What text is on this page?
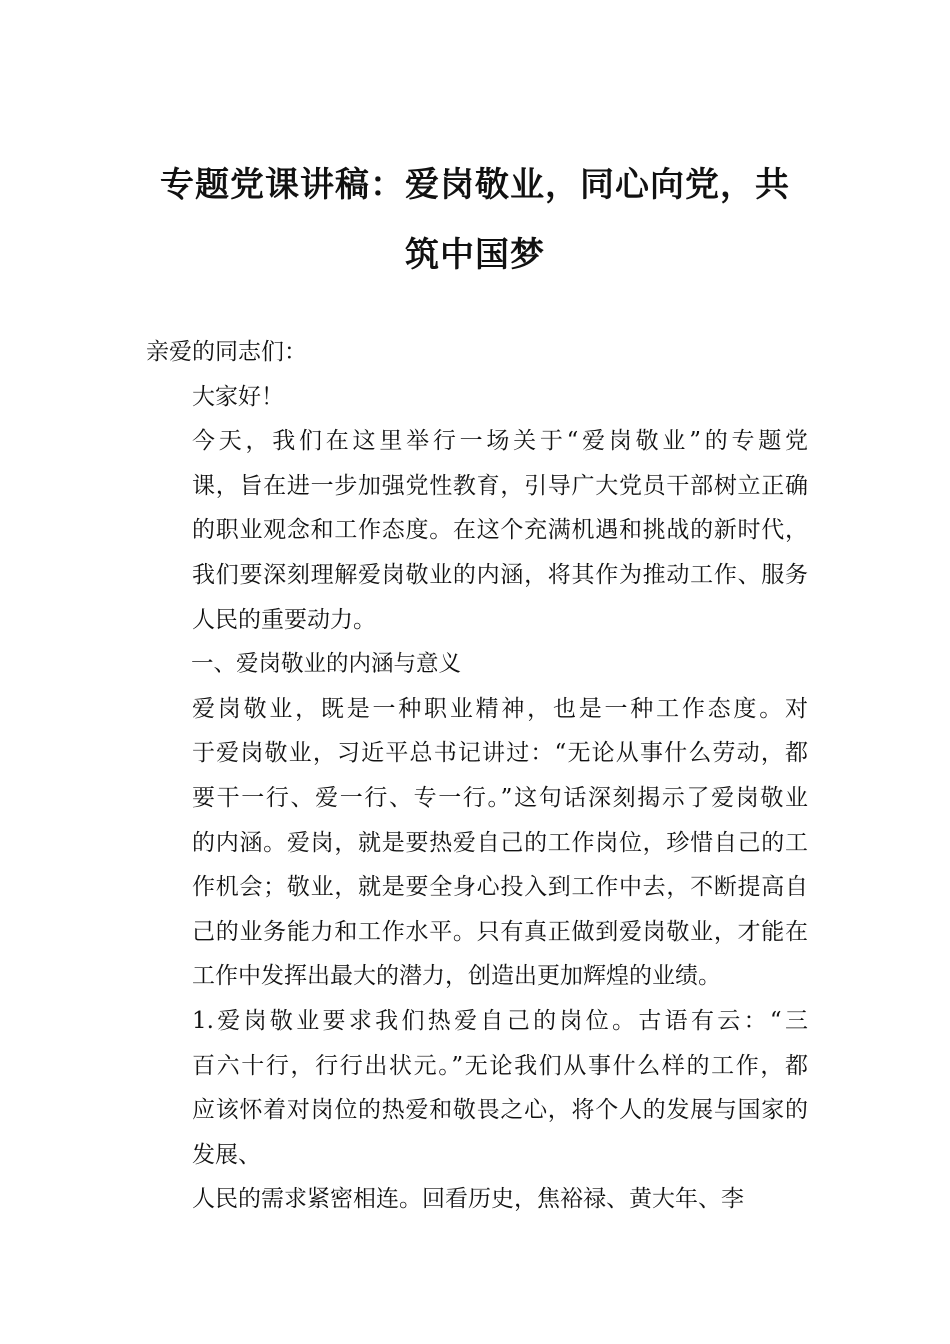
专题党课讲稿：爱岗敬业，同心向党，共
筑中国梦

亲爱的同志们：

大家好！

今天，我们在这里举行一场关于“爱岗敬业”的专题党
课，旨在进一步加强党性教育，引导广大党员干部树立正确
的职业观念和工作态度。在这个充满机遇和挑战的新时代，
我们要深刻理解爱岗敬业的内涵，将其作为推动工作、服务
人民的重要动力。

一、爱岗敬业的内涵与意义

爱岗敬业，既是一种职业精神，也是一种工作态度。对
于爱岗敬业，习近平总书记讲过：“无论从事什么劳动，都
要干一行、爱一行、专一行。”这句话深刻揭示了爱岗敬业
的内涵。爱岗，就是要热爱自己的工作岗位，珍惜自己的工
作机会；敬业，就是要全身心投入到工作中去，不断提高自
己的业务能力和工作水平。只有真正做到爱岗敬业，才能在
工作中发挥出最大的潜力，创造出更加辉煌的业绩。

1.爱岗敬业要求我们热爱自己的岗位。古语有云：“三
百六十行，行行出状元。”无论我们从事什么样的工作，都
应该怀着对岗位的热爱和敬畏之心，将个人的发展与国家的
发展、

人民的需求紧密相连。回看历史，焦裕禄、黄大年、李
